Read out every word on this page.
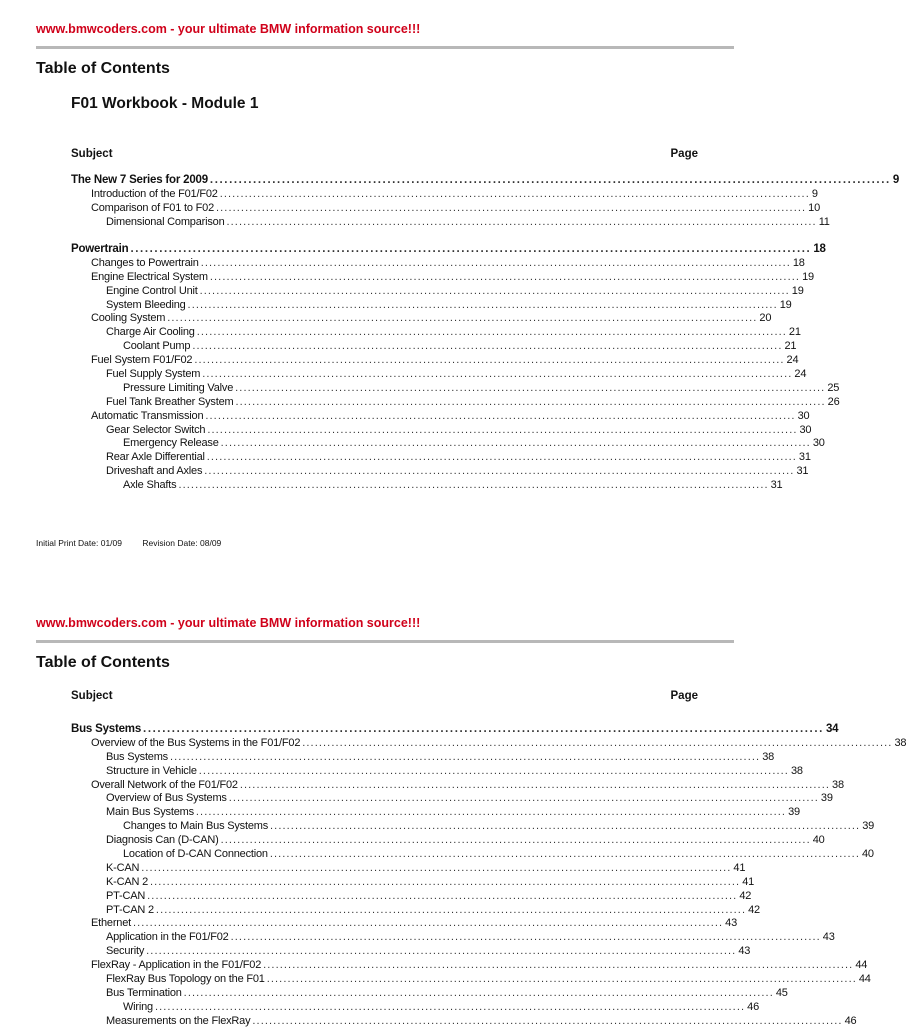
www.bmwcoders.com - your ultimate BMW information source!!!
Table of Contents
F01 Workbook - Module 1
Subject	Page
The New 7 Series for 2009 .............................................................................................................................................. 9
Introduction of the F01/F02 .............................................................................................................................................. 9
Comparison of F01 to F02 .............................................................................................................................................. 10
Dimensional Comparison .............................................................................................................................................. 11
Powertrain .............................................................................................................................................. 18
Changes to Powertrain .............................................................................................................................................. 18
Engine Electrical System .............................................................................................................................................. 19
Engine Control Unit .............................................................................................................................................. 19
System Bleeding .............................................................................................................................................. 19
Cooling System .............................................................................................................................................. 20
Charge Air Cooling .............................................................................................................................................. 21
Coolant Pump .............................................................................................................................................. 21
Fuel System F01/F02 .............................................................................................................................................. 24
Fuel Supply System .............................................................................................................................................. 24
Pressure Limiting Valve .............................................................................................................................................. 25
Fuel Tank Breather System .............................................................................................................................................. 26
Automatic Transmission .............................................................................................................................................. 30
Gear Selector Switch .............................................................................................................................................. 30
Emergency Release .............................................................................................................................................. 30
Rear Axle Differential .............................................................................................................................................. 31
Driveshaft and Axles .............................................................................................................................................. 31
Axle Shafts .............................................................................................................................................. 31
Initial Print Date: 01/09 Revision Date: 08/09
www.bmwcoders.com - your ultimate BMW information source!!!
Table of Contents
Subject	Page
Bus Systems .............................................................................................................................................. 34
Overview of the Bus Systems in the F01/F02 .............................................................................................................................................. 38
Bus Systems .............................................................................................................................................. 38
Structure in Vehicle .............................................................................................................................................. 38
Overall Network of the F01/F02 .............................................................................................................................................. 38
Overview of Bus Systems .............................................................................................................................................. 39
Main Bus Systems .............................................................................................................................................. 39
Changes to Main Bus Systems .............................................................................................................................................. 39
Diagnosis Can (D-CAN) .............................................................................................................................................. 40
Location of D-CAN Connection .............................................................................................................................................. 40
K-CAN .............................................................................................................................................. 41
K-CAN 2 .............................................................................................................................................. 41
PT-CAN .............................................................................................................................................. 42
PT-CAN 2 .............................................................................................................................................. 42
Ethernet .............................................................................................................................................. 43
Application in the F01/F02 .............................................................................................................................................. 43
Security .............................................................................................................................................. 43
FlexRay - Application in the F01/F02 .............................................................................................................................................. 44
FlexRay Bus Topology on the F01 .............................................................................................................................................. 44
Bus Termination .............................................................................................................................................. 45
Wiring .............................................................................................................................................. 46
Measurements on the FlexRay .............................................................................................................................................. 46
